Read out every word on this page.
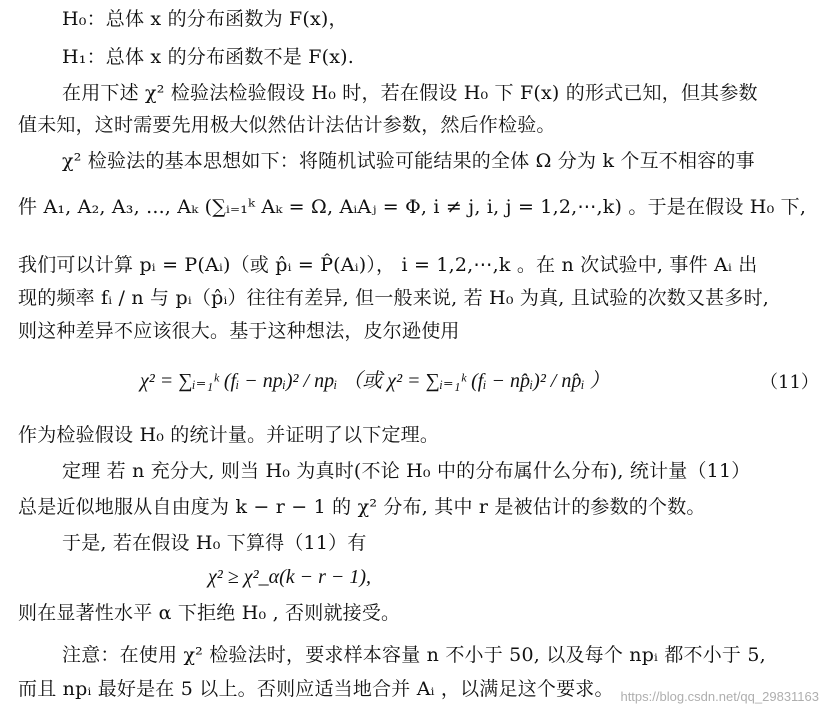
H₀：总体 x 的分布函数为 F(x)，
H₁：总体 x 的分布函数不是 F(x).
在用下述 χ² 检验法检验假设 H₀ 时，若在假设 H₀ 下 F(x) 的形式已知，但其参数
值未知，这时需要先用极大似然估计法估计参数，然后作检验。
χ² 检验法的基本思想如下：将随机试验可能结果的全体 Ω 分为 k 个互不相容的事
件 A₁, A₂, A₃, ..., Aₖ (∑ᵢ₌₁ᵏ Aₖ = Ω, AᵢAⱼ = Φ, i ≠ j, i, j = 1,2,⋯,k) 。于是在假设 H₀ 下,
我们可以计算 pᵢ = P(Aᵢ)（或 p̂ᵢ = P̂(Aᵢ)）， i = 1,2,⋯,k 。在 n 次试验中, 事件 Aᵢ 出
现的频率 fᵢ / n 与 pᵢ（p̂ᵢ）往往有差异, 但一般来说, 若 H₀ 为真, 且试验的次数又甚多时,
则这种差异不应该很大。基于这种想法，皮尔逊使用
χ² = ∑ᵢ₌₁ᵏ (fᵢ − npᵢ)² / npᵢ （或 χ² = ∑ᵢ₌₁ᵏ (fᵢ − np̂ᵢ)² / np̂ᵢ ）	（11）
作为检验假设 H₀ 的统计量。并证明了以下定理。
定理 若 n 充分大, 则当 H₀ 为真时(不论 H₀ 中的分布属什么分布), 统计量（11）
总是近似地服从自由度为 k − r − 1 的 χ² 分布, 其中 r 是被估计的参数的个数。
于是, 若在假设 H₀ 下算得（11）有
χ² ≥ χ²_α(k − r − 1),
则在显著性水平 α 下拒绝 H₀ , 否则就接受。
注意：在使用 χ² 检验法时，要求样本容量 n 不小于 50, 以及每个 npᵢ 都不小于 5,
而且 npᵢ 最好是在 5 以上。否则应适当地合并 Aᵢ ，以满足这个要求。 https://blog.csdn.net/qq_29831163
